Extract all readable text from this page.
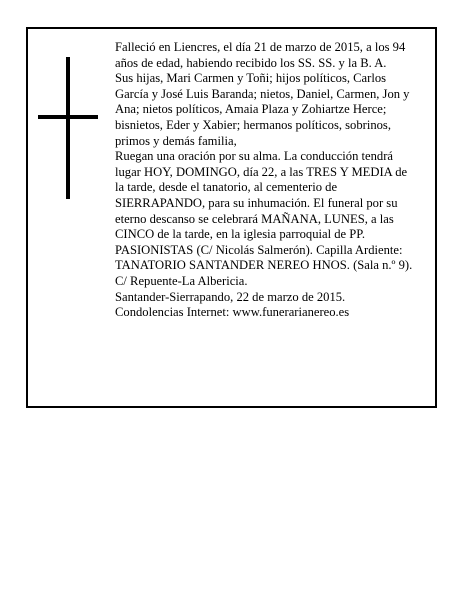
Falleció en Liencres, el día 21 de marzo de 2015, a los 94 años de edad, habiendo recibido los SS. SS. y la B. A.

Sus hijas, Mari Carmen y Toñi; hijos políticos, Carlos García y José Luis Baranda; nietos, Daniel, Carmen, Jon y Ana; nietos políticos, Amaia Plaza y Zohiartze Herce; bisnietos, Eder y Xabier; hermanos políticos, sobrinos, primos y demás familia,

Ruegan una oración por su alma. La conducción tendrá lugar HOY, DOMINGO, día 22, a las TRES Y MEDIA de la tarde, desde el tanatorio, al cementerio de SIERRAPANDO, para su inhumación. El funeral por su eterno descanso se celebrará MAÑANA, LUNES, a las CINCO de la tarde, en la iglesia parroquial de PP. PASIONISTAS (C/ Nicolás Salmerón). Capilla Ardiente: TANATORIO SANTANDER NEREO HNOS. (Sala n.º 9). C/ Repuente-La Albericia.

Santander-Sierrapando, 22 de marzo de 2015.

Condolencias Internet: www.funerarianereo.es
